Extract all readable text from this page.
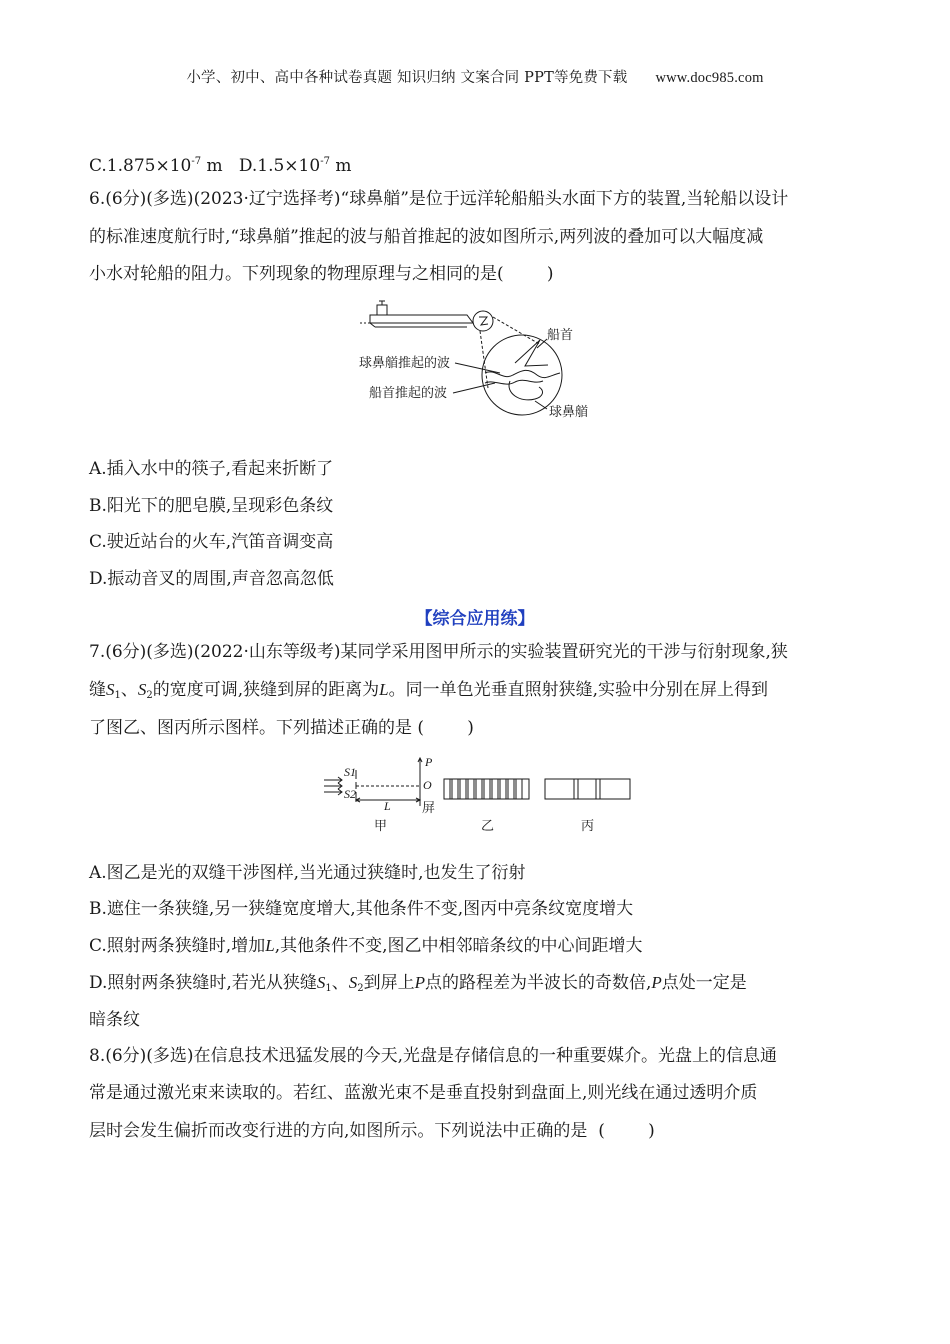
小学、初中、高中各种试卷真题 知识归纳 文案合同 PPT等免费下载 www.doc985.com
$C.1.875\times 10^{-7}$ m   $D.1.5\times 10^{-7}$ m
6.(6分)(多选)(2023·辽宁选择考)“球鼻艏”是位于远洋轮船船头水面下方的装置,当轮船以设计
的标准速度航行时,“球鼻艏”推起的波与船首推起的波如图所示,两列波的叠加可以大幅度减
小水对轮船的阻力。下列现象的物理原理与之相同的是(        )
船首
球鼻艏推起的波
船首推起的波
球鼻艏
A.插入水中的筷子,看起来折断了
B.阳光下的肥皂膜,呈现彩色条纹
C.驶近站台的火车,汽笛音调变高
D.振动音叉的周围,声音忽高忽低
【综合应用练】
7.(6分)(多选)(2022·山东等级考)某同学采用图甲所示的实验装置研究光的干涉与衍射现象,狭
缝$S_1$、$S_2$的宽度可调,狭缝到屏的距离为L。同一单色光垂直照射狭缝,实验中分别在屏上得到
了图乙、图丙所示图样。下列描述正确的是 (        )
S1
S2
P
O
L 屏
甲	乙	丙
A.图乙是光的双缝干涉图样,当光通过狭缝时,也发生了衍射
B.遮住一条狭缝,另一狭缝宽度增大,其他条件不变,图丙中亮条纹宽度增大
C.照射两条狭缝时,增加L,其他条件不变,图乙中相邻暗条纹的中心间距增大
D.照射两条狭缝时,若光从狭缝$S_1$、$S_2$到屏上P点的路程差为半波长的奇数倍,P点处一定是
暗条纹
8.(6分)(多选)在信息技术迅猛发展的今天,光盘是存储信息的一种重要媒介。光盘上的信息通
常是通过激光束来读取的。若红、蓝激光束不是垂直投射到盘面上,则光线在通过透明介质
层时会发生偏折而改变行进的方向,如图所示。下列说法中正确的是  (        )
